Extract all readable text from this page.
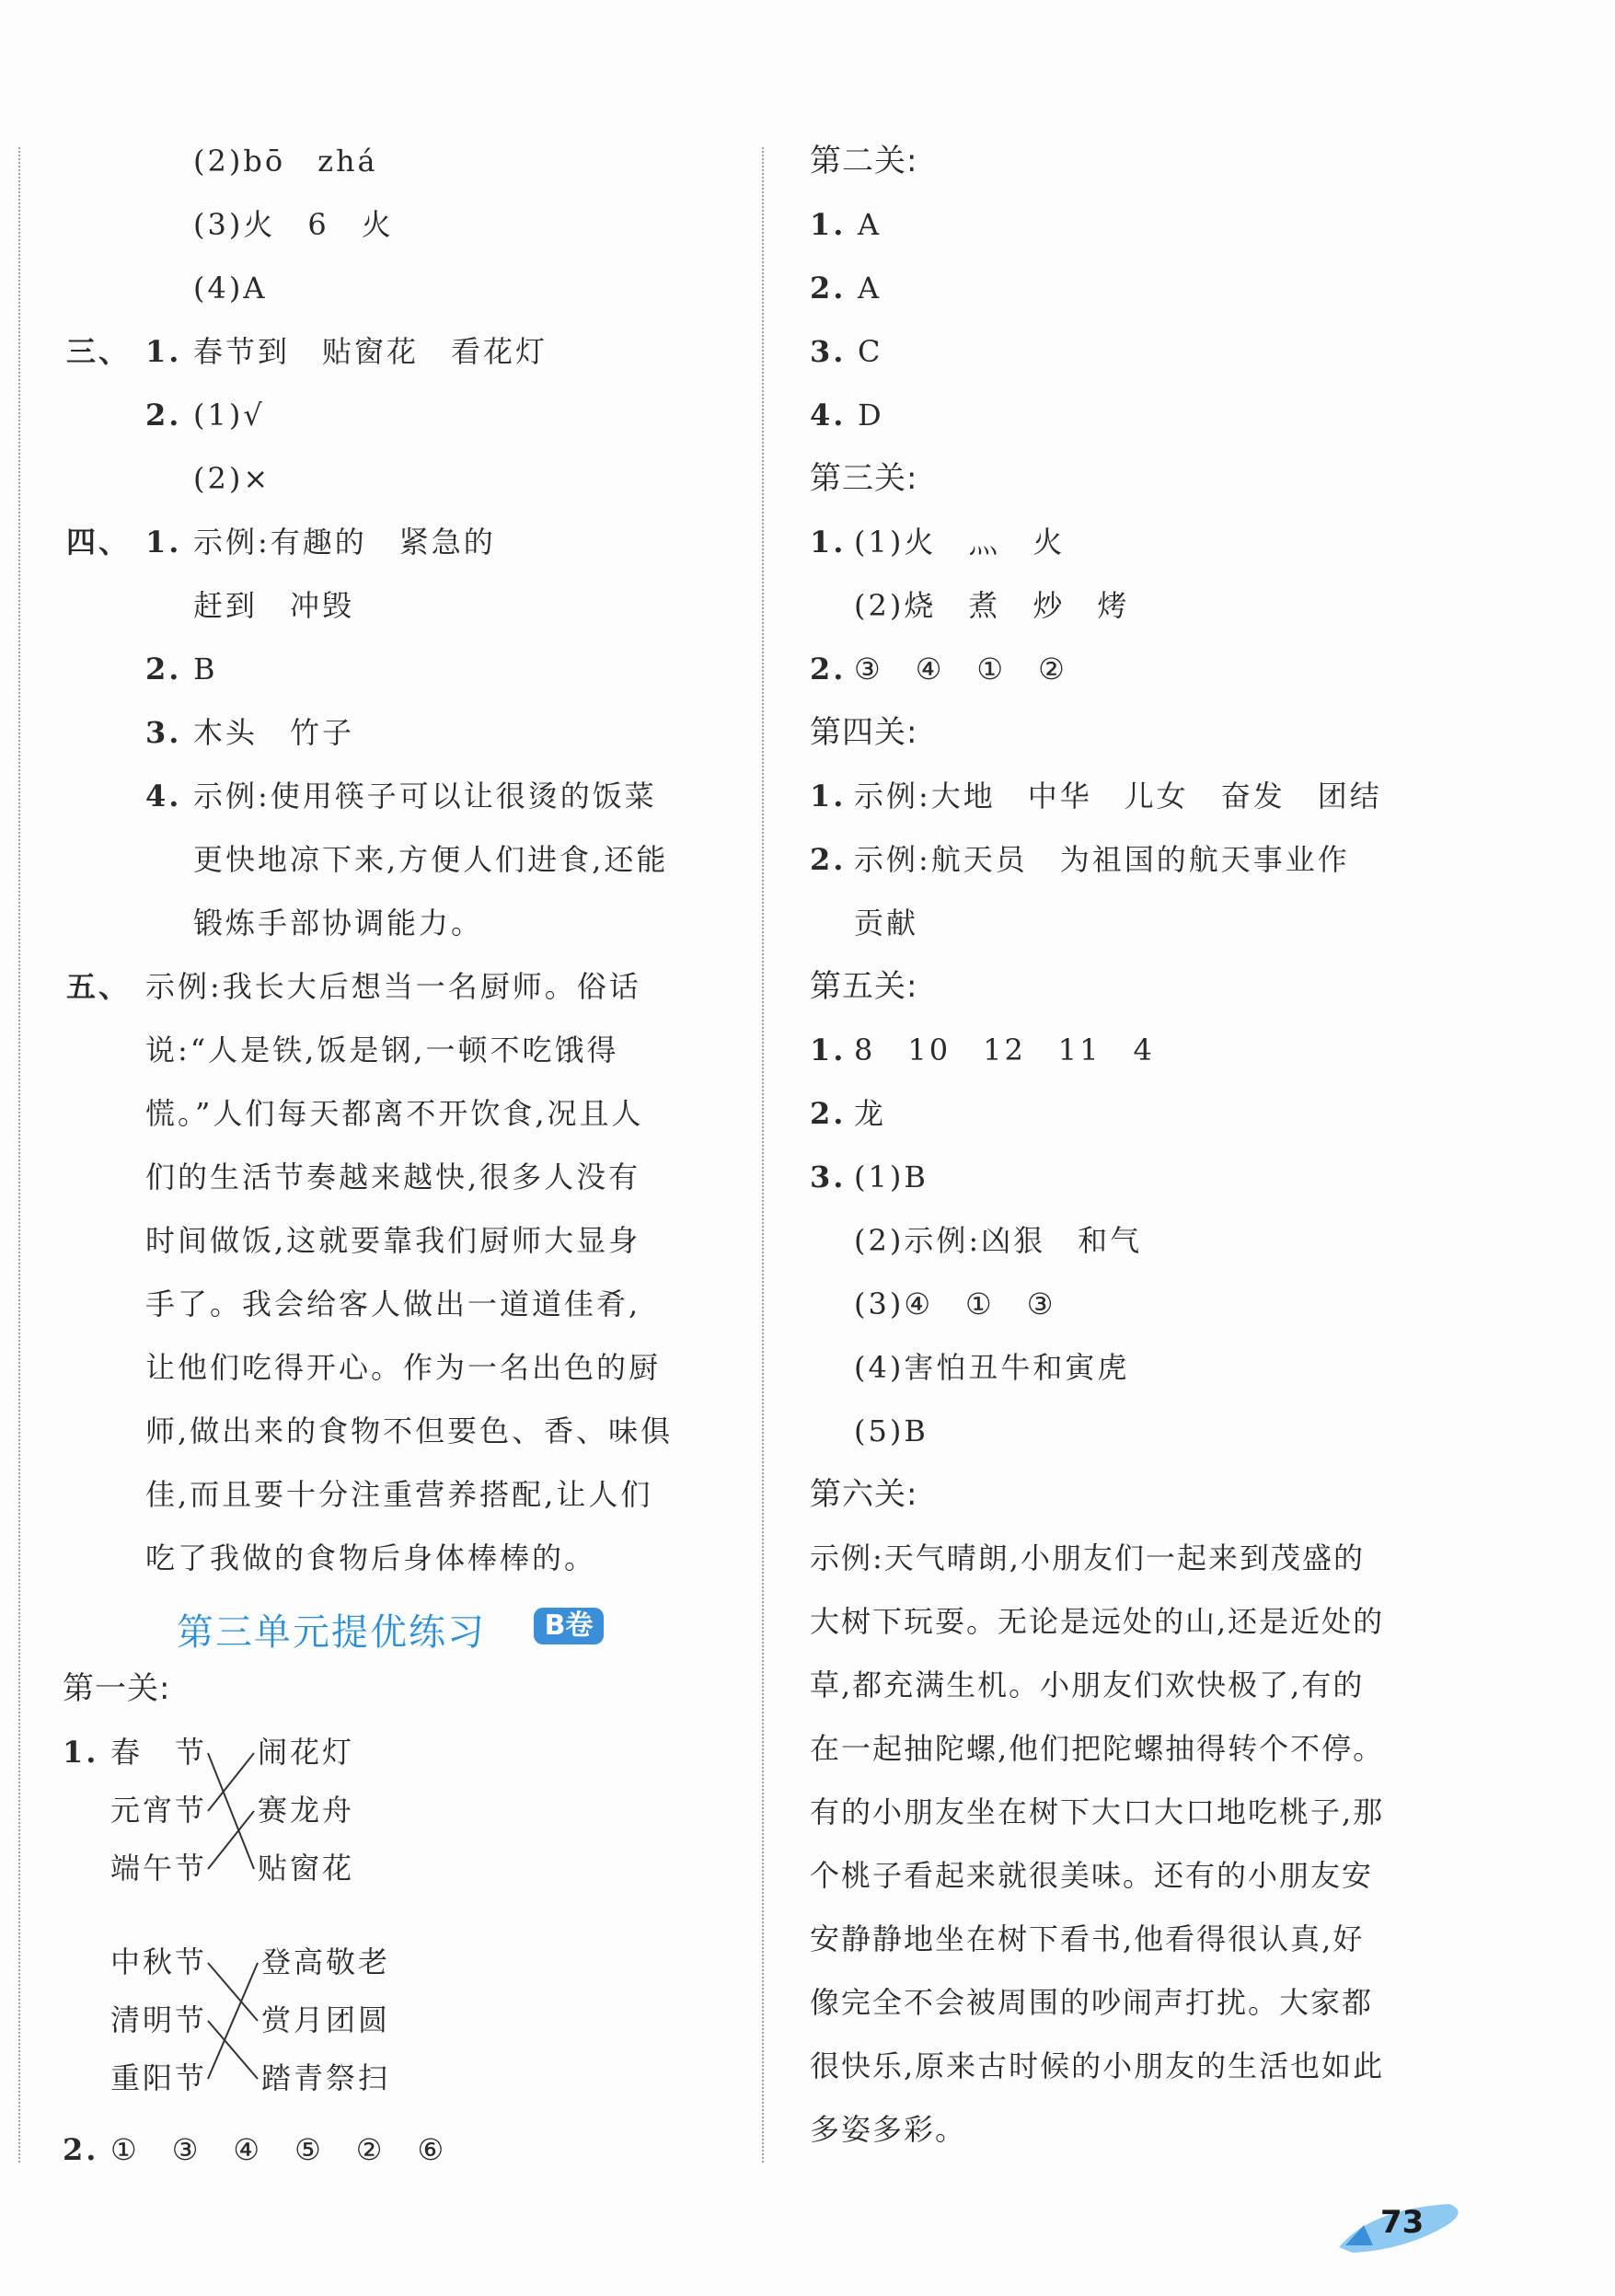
(2)bō　zhá
(3)火　6　火
(4)A
三、 1. 春节到　贴窗花　看花灯
2. (1)√
(2)×
四、 1. 示例:有趣的　紧急的
赶到　冲毁
2. B
3. 木头　竹子
4. 示例:使用筷子可以让很烫的饭菜
更快地凉下来,方便人们进食,还能
锻炼手部协调能力。
五、 示例:我长大后想当一名厨师。俗话
说:“人是铁,饭是钢,一顿不吃饿得
慌。”人们每天都离不开饮食,况且人
们的生活节奏越来越快,很多人没有
时间做饭,这就要靠我们厨师大显身
手了。我会给客人做出一道道佳肴,
让他们吃得开心。作为一名出色的厨
师,做出来的食物不但要色、香、味俱
佳,而且要十分注重营养搭配,让人们
吃了我做的食物后身体棒棒的。
第三单元提优练习	B卷
第一关:
1. 春　节
元宵节
端午节
闹花灯
赛龙舟
贴窗花
中秋节
清明节
重阳节
登高敬老
赏月团圆
踏青祭扫
2. ①　③　④　⑤　②　⑥
第二关:
1. A
2. A
3. C
4. D
第三关:
1. (1)火　灬　火
(2)烧　煮　炒　烤
2. ③　④　①　②
第四关:
1. 示例:大地　中华　儿女　奋发　团结
2. 示例:航天员　为祖国的航天事业作
贡献
第五关:
1. 8　10　12　11　4
2. 龙
3. (1)B
(2)示例:凶狠　和气
(3)④　①　③
(4)害怕丑牛和寅虎
(5)B
第六关:
示例:天气晴朗,小朋友们一起来到茂盛的
大树下玩耍。无论是远处的山,还是近处的
草,都充满生机。小朋友们欢快极了,有的
在一起抽陀螺,他们把陀螺抽得转个不停。
有的小朋友坐在树下大口大口地吃桃子,那
个桃子看起来就很美味。还有的小朋友安
安静静地坐在树下看书,他看得很认真,好
像完全不会被周围的吵闹声打扰。大家都
很快乐,原来古时候的小朋友的生活也如此
多姿多彩。
73
